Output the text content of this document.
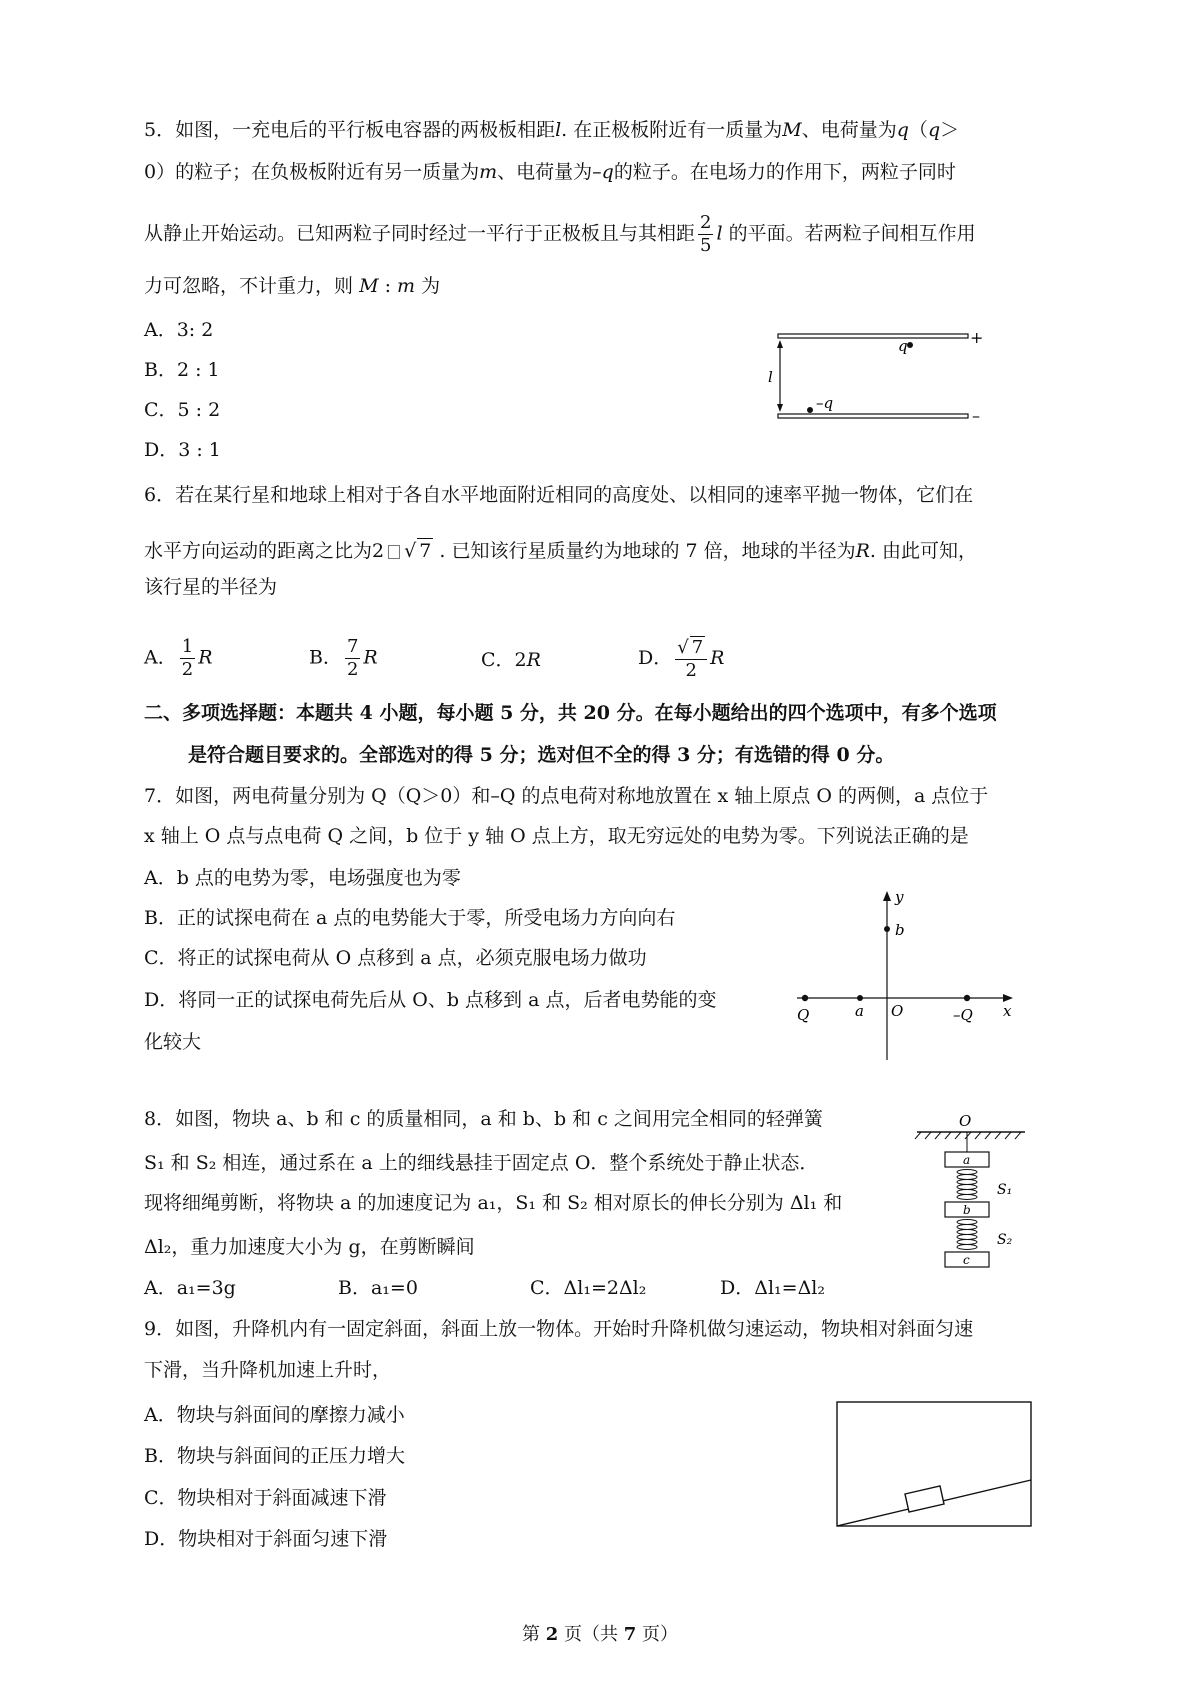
5．如图，一充电后的平行板电容器的两极板相距l. 在正极板附近有一质量为M、电荷量为q（q＞
0）的粒子；在负极板附近有另一质量为m、电荷量为–q的粒子。在电场力的作用下，两粒子同时
从静止开始运动。已知两粒子同时经过一平行于正极板且与其相距 $\frac{2}{5}$ l 的平面。若两粒子间相互作用
力可忽略，不计重力，则 M : m 为
A．3: 2
B．2 : 1
C．5 : 2
D．3 : 1
q	+
l
–q
–
6．若在某行星和地球上相对于各自水平地面附近相同的高度处、以相同的速率平抛一物体，它们在
水平方向运动的距离之比为2 √ 7 . 已知该行星质量约为地球的 7 倍，地球的半径为R. 由此可知，
该行星的半径为
A． $\frac{1}{2}$ R	B． $\frac{7}{2}$ R	C．2R	D． $\frac{√ 7}{2}$ R
二、多项选择题：本题共 4 小题，每小题 5 分，共 20 分。在每小题给出的四个选项中，有多个选项
是符合题目要求的。全部选对的得 5 分；选对但不全的得 3 分；有选错的得 0 分。
7．如图，两电荷量分别为 Q（Q＞0）和–Q 的点电荷对称地放置在 x 轴上原点 O 的两侧，a 点位于
x 轴上 O 点与点电荷 Q 之间，b 位于 y 轴 O 点上方，取无穷远处的电势为零。下列说法正确的是
A．b 点的电势为零，电场强度也为零
B．正的试探电荷在 a 点的电势能大于零，所受电场力方向向右
C．将正的试探电荷从 O 点移到 a 点，必须克服电场力做功
D．将同一正的试探电荷先后从 O、b 点移到 a 点，后者电势能的变
化较大
y
b
Q	a O	–Q x
8．如图，物块 a、b 和 c 的质量相同，a 和 b、b 和 c 之间用完全相同的轻弹簧
S₁ 和 S₂ 相连，通过系在 a 上的细线悬挂于固定点 O．整个系统处于静止状态．
现将细绳剪断，将物块 a 的加速度记为 a₁，S₁ 和 S₂ 相对原长的伸长分别为 Δl₁ 和
Δl₂，重力加速度大小为 g，在剪断瞬间
A．a₁=3g	B．a₁=0	C．Δl₁=2Δl₂	D．Δl₁=Δl₂
O
a
S₁
b
S₂
c
9．如图，升降机内有一固定斜面，斜面上放一物体。开始时升降机做匀速运动，物块相对斜面匀速
下滑，当升降机加速上升时，
A．物块与斜面间的摩擦力减小
B．物块与斜面间的正压力增大
C．物块相对于斜面减速下滑
D．物块相对于斜面匀速下滑
第 2 页（共 7 页）
